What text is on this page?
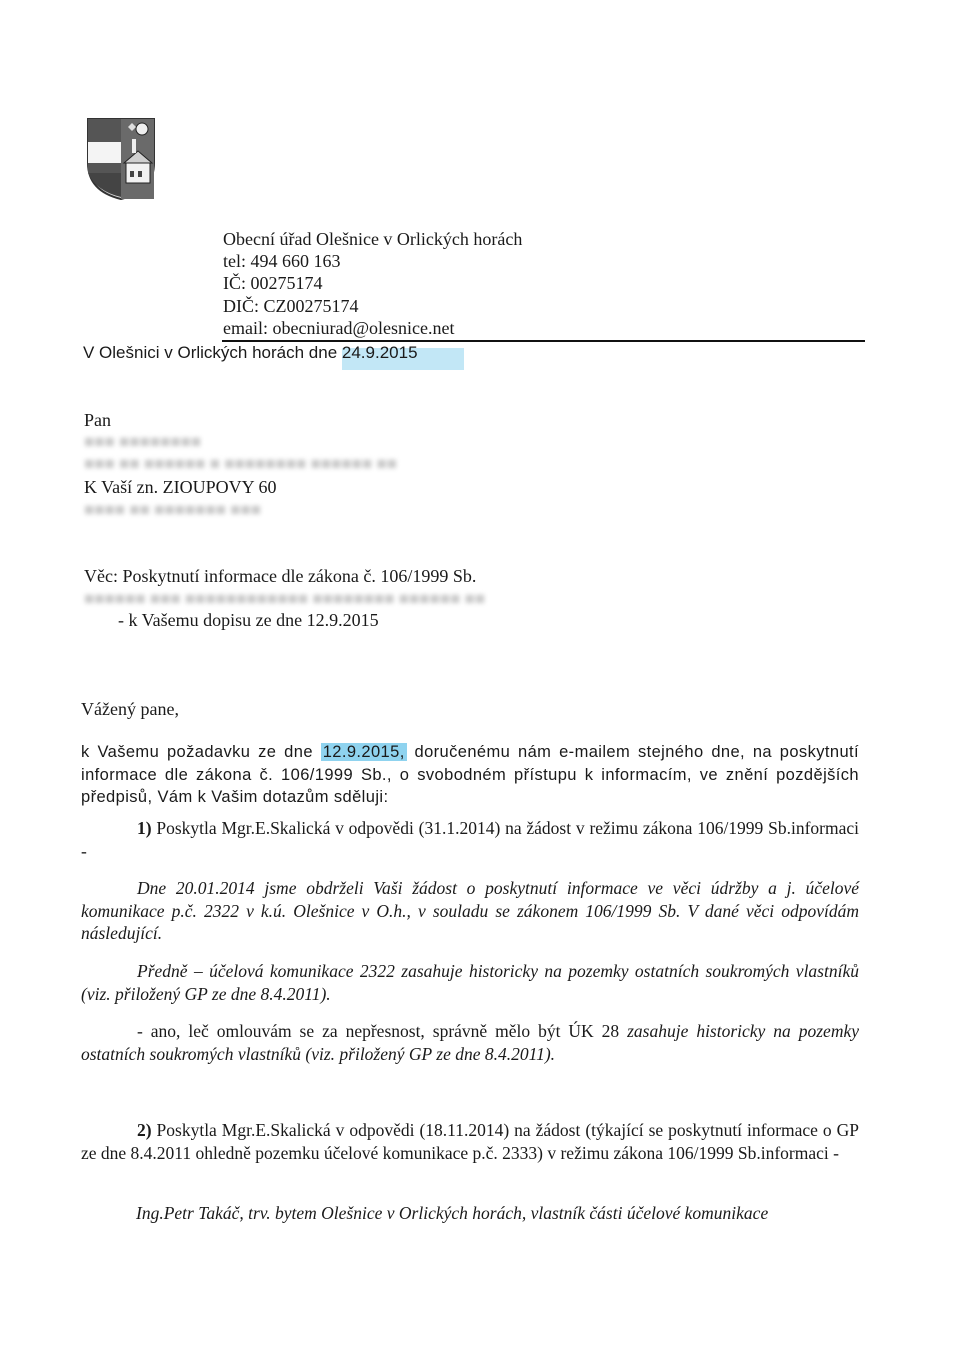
Obecní úřad Olešnice v Orlických horách
tel: 494 660 163
IČ: 00275174
DIČ: CZ00275174
email: obecniurad@olesnice.net
V Olešnici v Orlických horách dne 24.9.2015
Pan
■■■ ■■■■■■■■
■■■ ■■ ■■■■■■ ■ ■■■■■■■■ ■■■■■■ ■■
K Vaší zn. ZIOUPOVY 60
■■■■ ■■ ■■■■■■■ ■■■
Věc: Poskytnutí informace dle zákona č. 106/1999 Sb.
■■■■■■ ■■■ ■■■■■■■■■■■■ ■■■■■■■■ ■■■■■■ ■■
- k Vašemu dopisu ze dne 12.9.2015
Vážený pane,
k Vašemu požadavku ze dne 12.9.2015, doručenému nám e-mailem stejného dne, na poskytnutí informace dle zákona č. 106/1999 Sb., o svobodném přístupu k informacím, ve znění pozdějších předpisů, Vám k Vašim dotazům sděluji:
1) Poskytla Mgr.E.Skalická v odpovědi (31.1.2014) na žádost v režimu zákona 106/1999 Sb.informaci -
Dne 20.01.2014 jsme obdrželi Vaši žádost o poskytnutí informace ve věci údržby a j. účelové komunikace p.č. 2322 v k.ú. Olešnice v O.h., v souladu se zákonem 106/1999 Sb. V dané věci odpovídám následující.
Předně – účelová komunikace 2322 zasahuje historicky na pozemky ostatních soukromých vlastníků (viz. přiložený GP ze dne 8.4.2011).
- ano, leč omlouvám se za nepřesnost, správně mělo být ÚK 28 zasahuje historicky na pozemky ostatních soukromých vlastníků (viz. přiložený GP ze dne 8.4.2011).
2) Poskytla Mgr.E.Skalická v odpovědi (18.11.2014) na žádost (týkající se poskytnutí informace o GP ze dne 8.4.2011 ohledně pozemku účelové komunikace p.č. 2333) v režimu zákona 106/1999 Sb.informaci -
Ing.Petr Takáč, trv. bytem Olešnice v Orlických horách, vlastník části účelové komunikace
